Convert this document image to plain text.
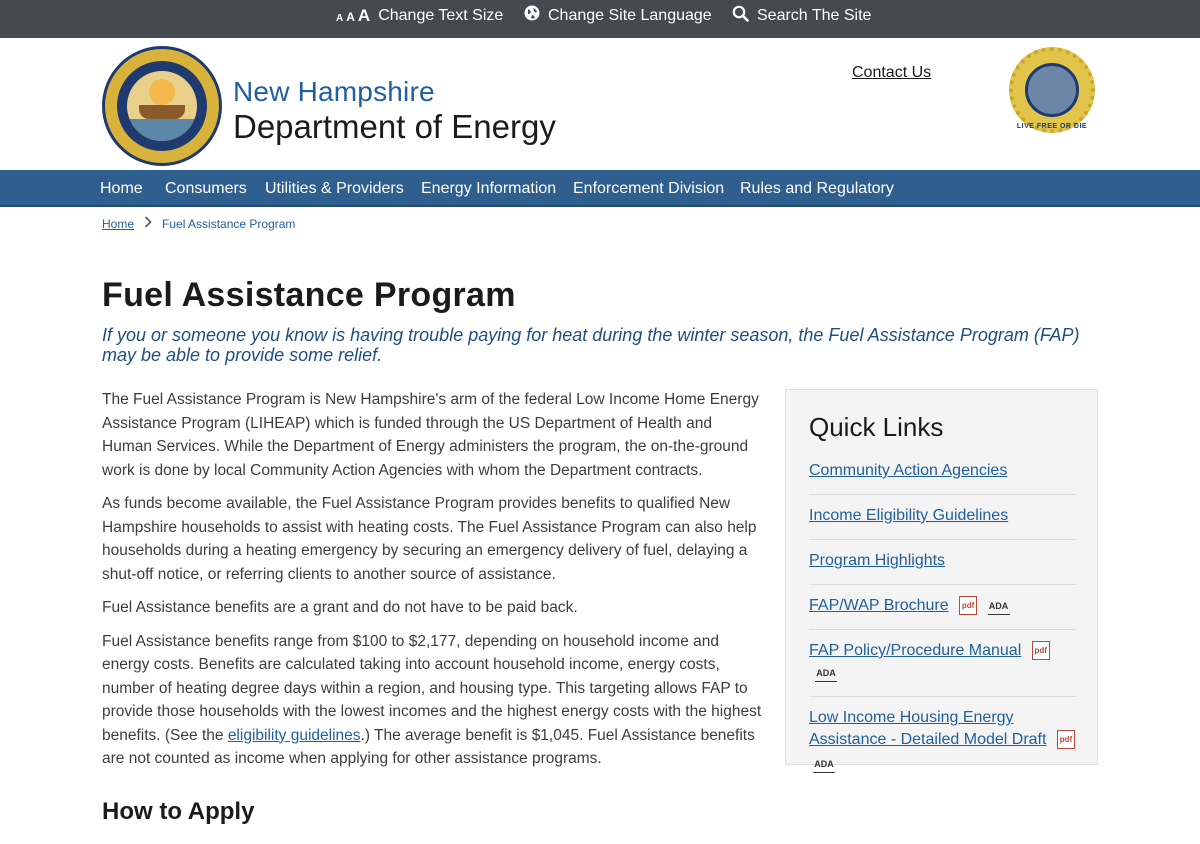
A A A Change Text Size	Change Site Language	Search The Site
New Hampshire
Department of Energy
Contact Us
LIVE FREE OR DIE
Home Consumers Utilities & Providers Energy Information Enforcement Division Rules and Regulatory
Home Fuel Assistance Program
Fuel Assistance Program
If you or someone you know is having trouble paying for heat during the winter season, the Fuel Assistance Program (FAP) may be able to provide some relief.

The Fuel Assistance Program is New Hampshire's arm of the federal Low Income Home Energy Assistance Program (LIHEAP) which is funded through the US Department of Health and Human Services. While the Department of Energy administers the program, the on-the-ground work is done by local Community Action Agencies with whom the Department contracts.

As funds become available, the Fuel Assistance Program provides benefits to qualified New Hampshire households to assist with heating costs. The Fuel Assistance Program can also help households during a heating emergency by securing an emergency delivery of fuel, delaying a shut-off notice, or referring clients to another source of assistance.

Fuel Assistance benefits are a grant and do not have to be paid back.

Fuel Assistance benefits range from $100 to $2,177, depending on household income and energy costs. Benefits are calculated taking into account household income, energy costs, number of heating degree days within a region, and housing type. This targeting allows FAP to provide those households with the lowest incomes and the highest energy costs with the highest benefits. (See the eligibility guidelines.) The average benefit is $1,045. Fuel Assistance benefits are not counted as income when applying for other assistance programs.

How to Apply
Quick Links
Community Action Agencies
Income Eligibility Guidelines
Program Highlights
FAP/WAP Brochure pdf ADA
FAP Policy/Procedure Manual pdf ADA
Low Income Housing Energy Assistance - Detailed Model Draft pdf
ADA
